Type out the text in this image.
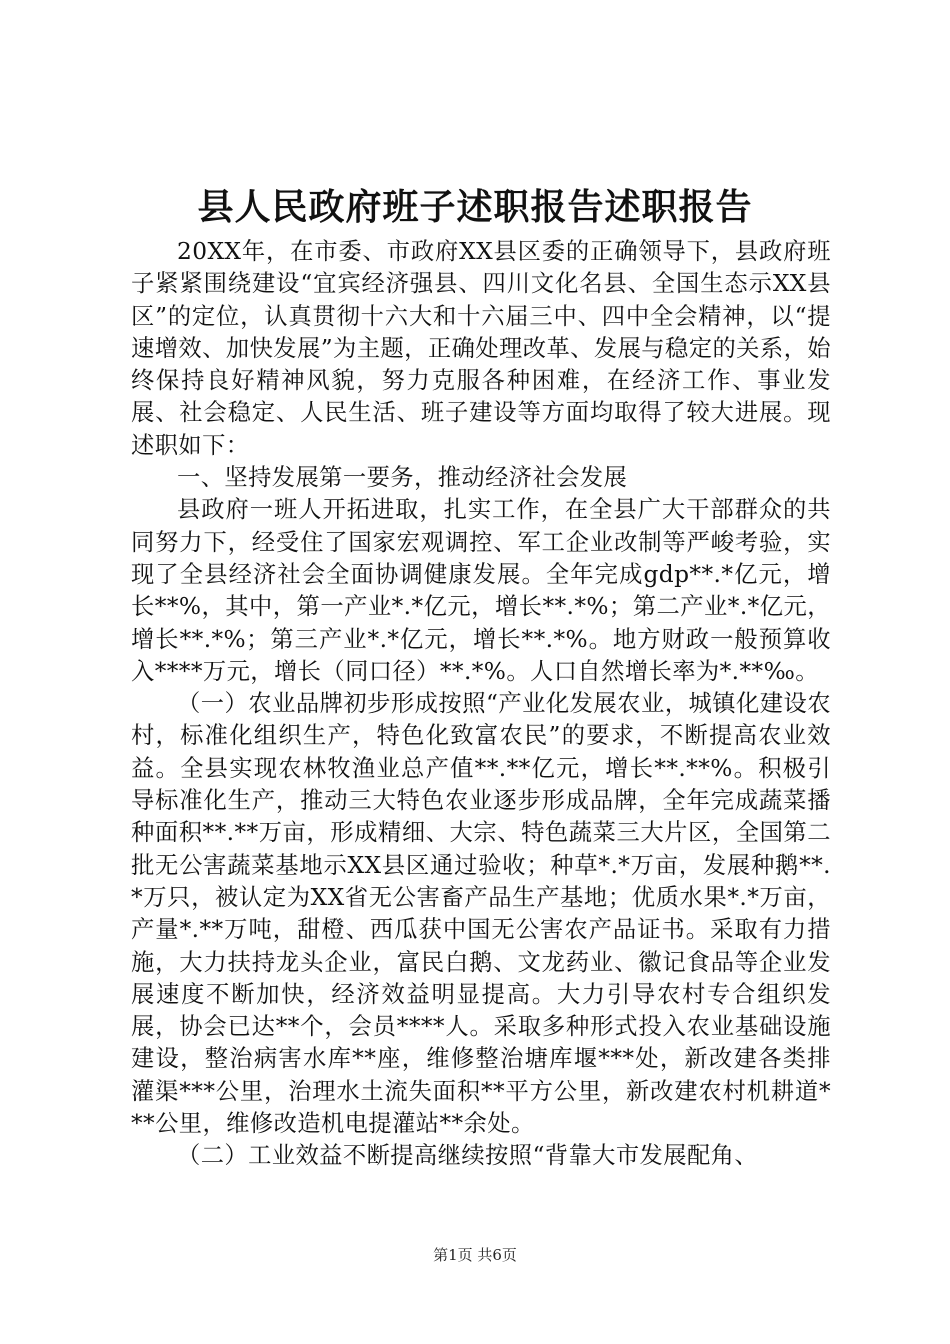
县人民政府班子述职报告述职报告

20XX年，在市委、市政府XX县区委的正确领导下，县政府班子紧紧围绕建设“宜宾经济强县、四川文化名县、全国生态示XX县区”的定位，认真贯彻十六大和十六届三中、四中全会精神，以“提速增效、加快发展”为主题，正确处理改革、发展与稳定的关系，始终保持良好精神风貌，努力克服各种困难，在经济工作、事业发展、社会稳定、人民生活、班子建设等方面均取得了较大进展。现述职如下：

一、坚持发展第一要务，推动经济社会发展

县政府一班人开拓进取，扎实工作，在全县广大干部群众的共同努力下，经受住了国家宏观调控、军工企业改制等严峻考验，实现了全县经济社会全面协调健康发展。全年完成gdp**.*亿元，增长**%，其中，第一产业*.*亿元，增长**.*%；第二产业*.*亿元，增长**.*%；第三产业*.*亿元，增长**.*%。地方财政一般预算收入****万元，增长（同口径）**.*%。人口自然增长率为*.**‰。

（一）农业品牌初步形成按照“产业化发展农业，城镇化建设农村，标准化组织生产，特色化致富农民”的要求，不断提高农业效益。全县实现农林牧渔业总产值**.**亿元，增长**.**%。积极引导标准化生产，推动三大特色农业逐步形成品牌，全年完成蔬菜播种面积**.**万亩，形成精细、大宗、特色蔬菜三大片区，全国第二批无公害蔬菜基地示XX县区通过验收；种草*.*万亩，发展种鹅**.*万只，被认定为XX省无公害畜产品生产基地；优质水果*.*万亩，产量*.**万吨，甜橙、西瓜获中国无公害农产品证书。采取有力措施，大力扶持龙头企业，富民白鹅、文龙药业、徽记食品等企业发展速度不断加快，经济效益明显提高。大力引导农村专合组织发展，协会已达**个，会员****人。采取多种形式投入农业基础设施建设，整治病害水库**座，维修整治塘库堰***处，新改建各类排灌渠***公里，治理水土流失面积**平方公里，新改建农村机耕道***公里，维修改造机电提灌站**余处。

（二）工业效益不断提高继续按照“背靠大市发展配角、

第1页 共6页
